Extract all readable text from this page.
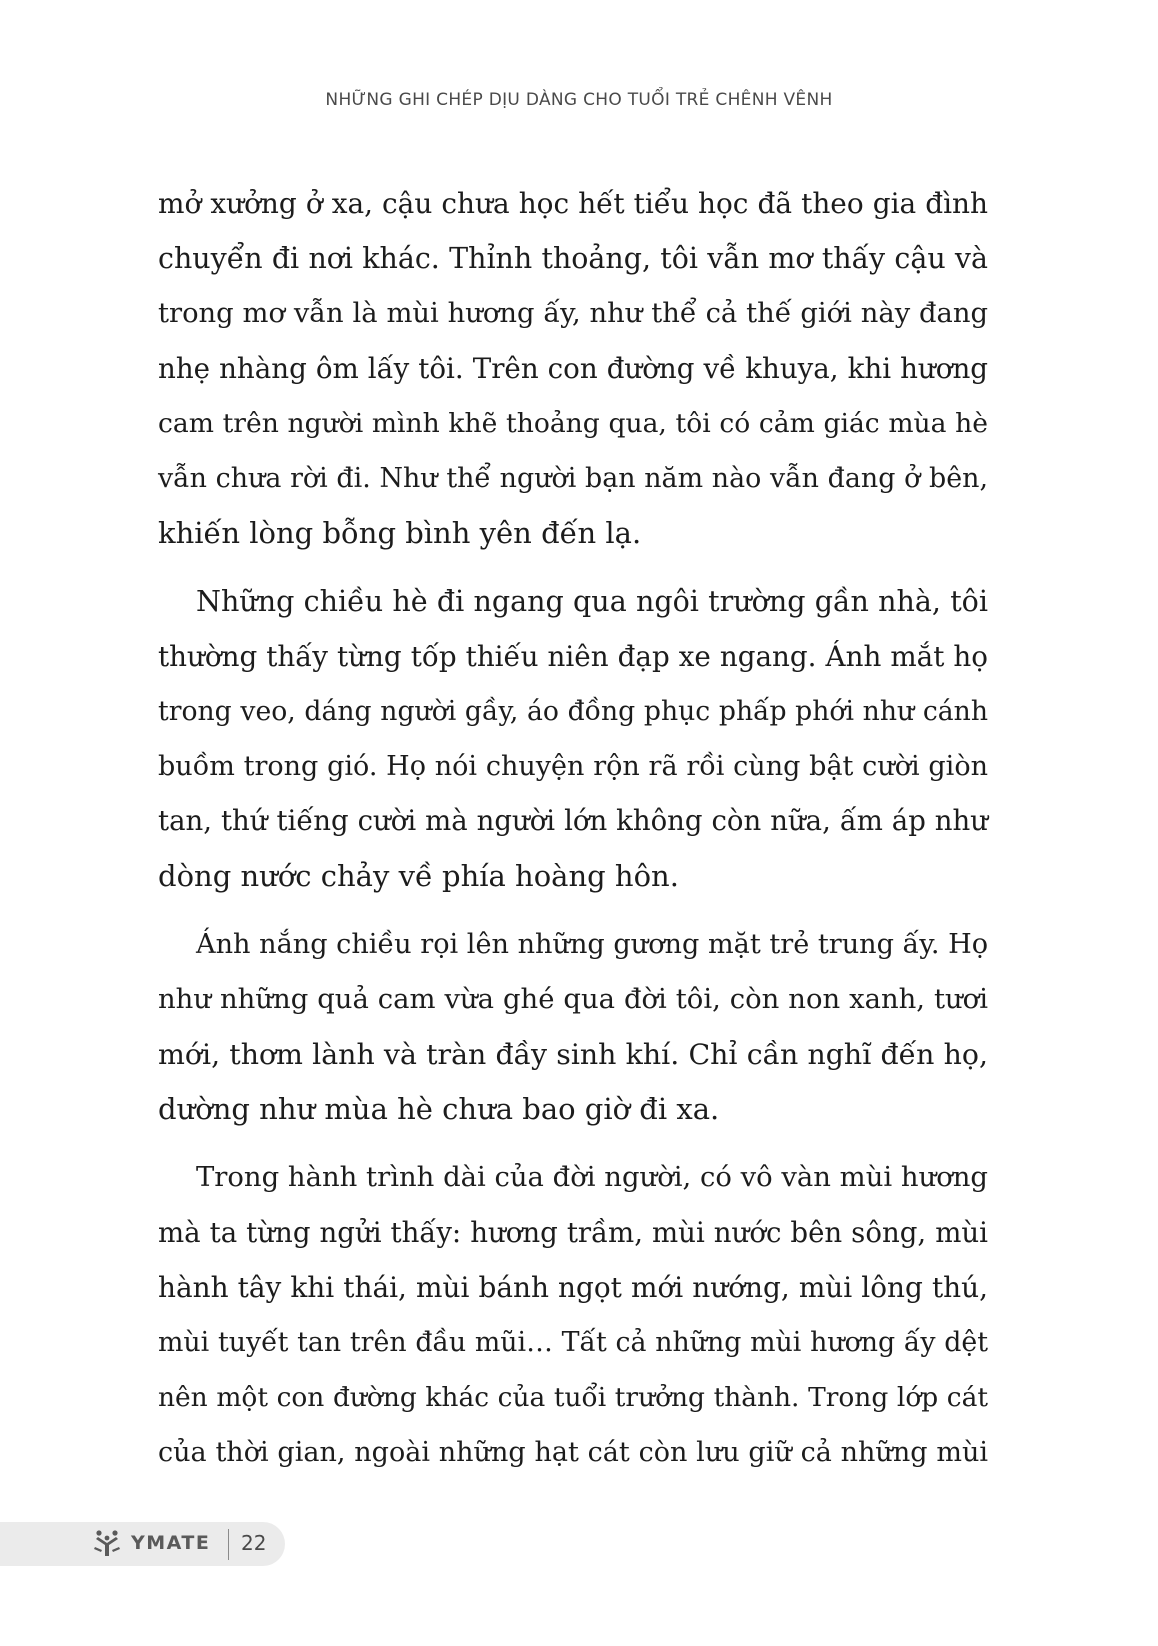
NHỮNG GHI CHÉP DỊU DÀNG CHO TUỔI TRẺ CHÊNH VÊNH
mở xưởng ở xa, cậu chưa học hết tiểu học đã theo gia đình
chuyển đi nơi khác. Thỉnh thoảng, tôi vẫn mơ thấy cậu và
trong mơ vẫn là mùi hương ấy, như thể cả thế giới này đang
nhẹ nhàng ôm lấy tôi. Trên con đường về khuya, khi hương
cam trên người mình khẽ thoảng qua, tôi có cảm giác mùa hè
vẫn chưa rời đi. Như thể người bạn năm nào vẫn đang ở bên,
khiến lòng bỗng bình yên đến lạ.
Những chiều hè đi ngang qua ngôi trường gần nhà, tôi
thường thấy từng tốp thiếu niên đạp xe ngang. Ánh mắt họ
trong veo, dáng người gầy, áo đồng phục phấp phới như cánh
buồm trong gió. Họ nói chuyện rộn rã rồi cùng bật cười giòn
tan, thứ tiếng cười mà người lớn không còn nữa, ấm áp như
dòng nước chảy về phía hoàng hôn.
Ánh nắng chiều rọi lên những gương mặt trẻ trung ấy. Họ
như những quả cam vừa ghé qua đời tôi, còn non xanh, tươi
mới, thơm lành và tràn đầy sinh khí. Chỉ cần nghĩ đến họ,
dường như mùa hè chưa bao giờ đi xa.
Trong hành trình dài của đời người, có vô vàn mùi hương
mà ta từng ngửi thấy: hương trầm, mùi nước bên sông, mùi
hành tây khi thái, mùi bánh ngọt mới nướng, mùi lông thú,
mùi tuyết tan trên đầu mũi… Tất cả những mùi hương ấy dệt
nên một con đường khác của tuổi trưởng thành. Trong lớp cát
của thời gian, ngoài những hạt cát còn lưu giữ cả những mùi
YMATE 22
